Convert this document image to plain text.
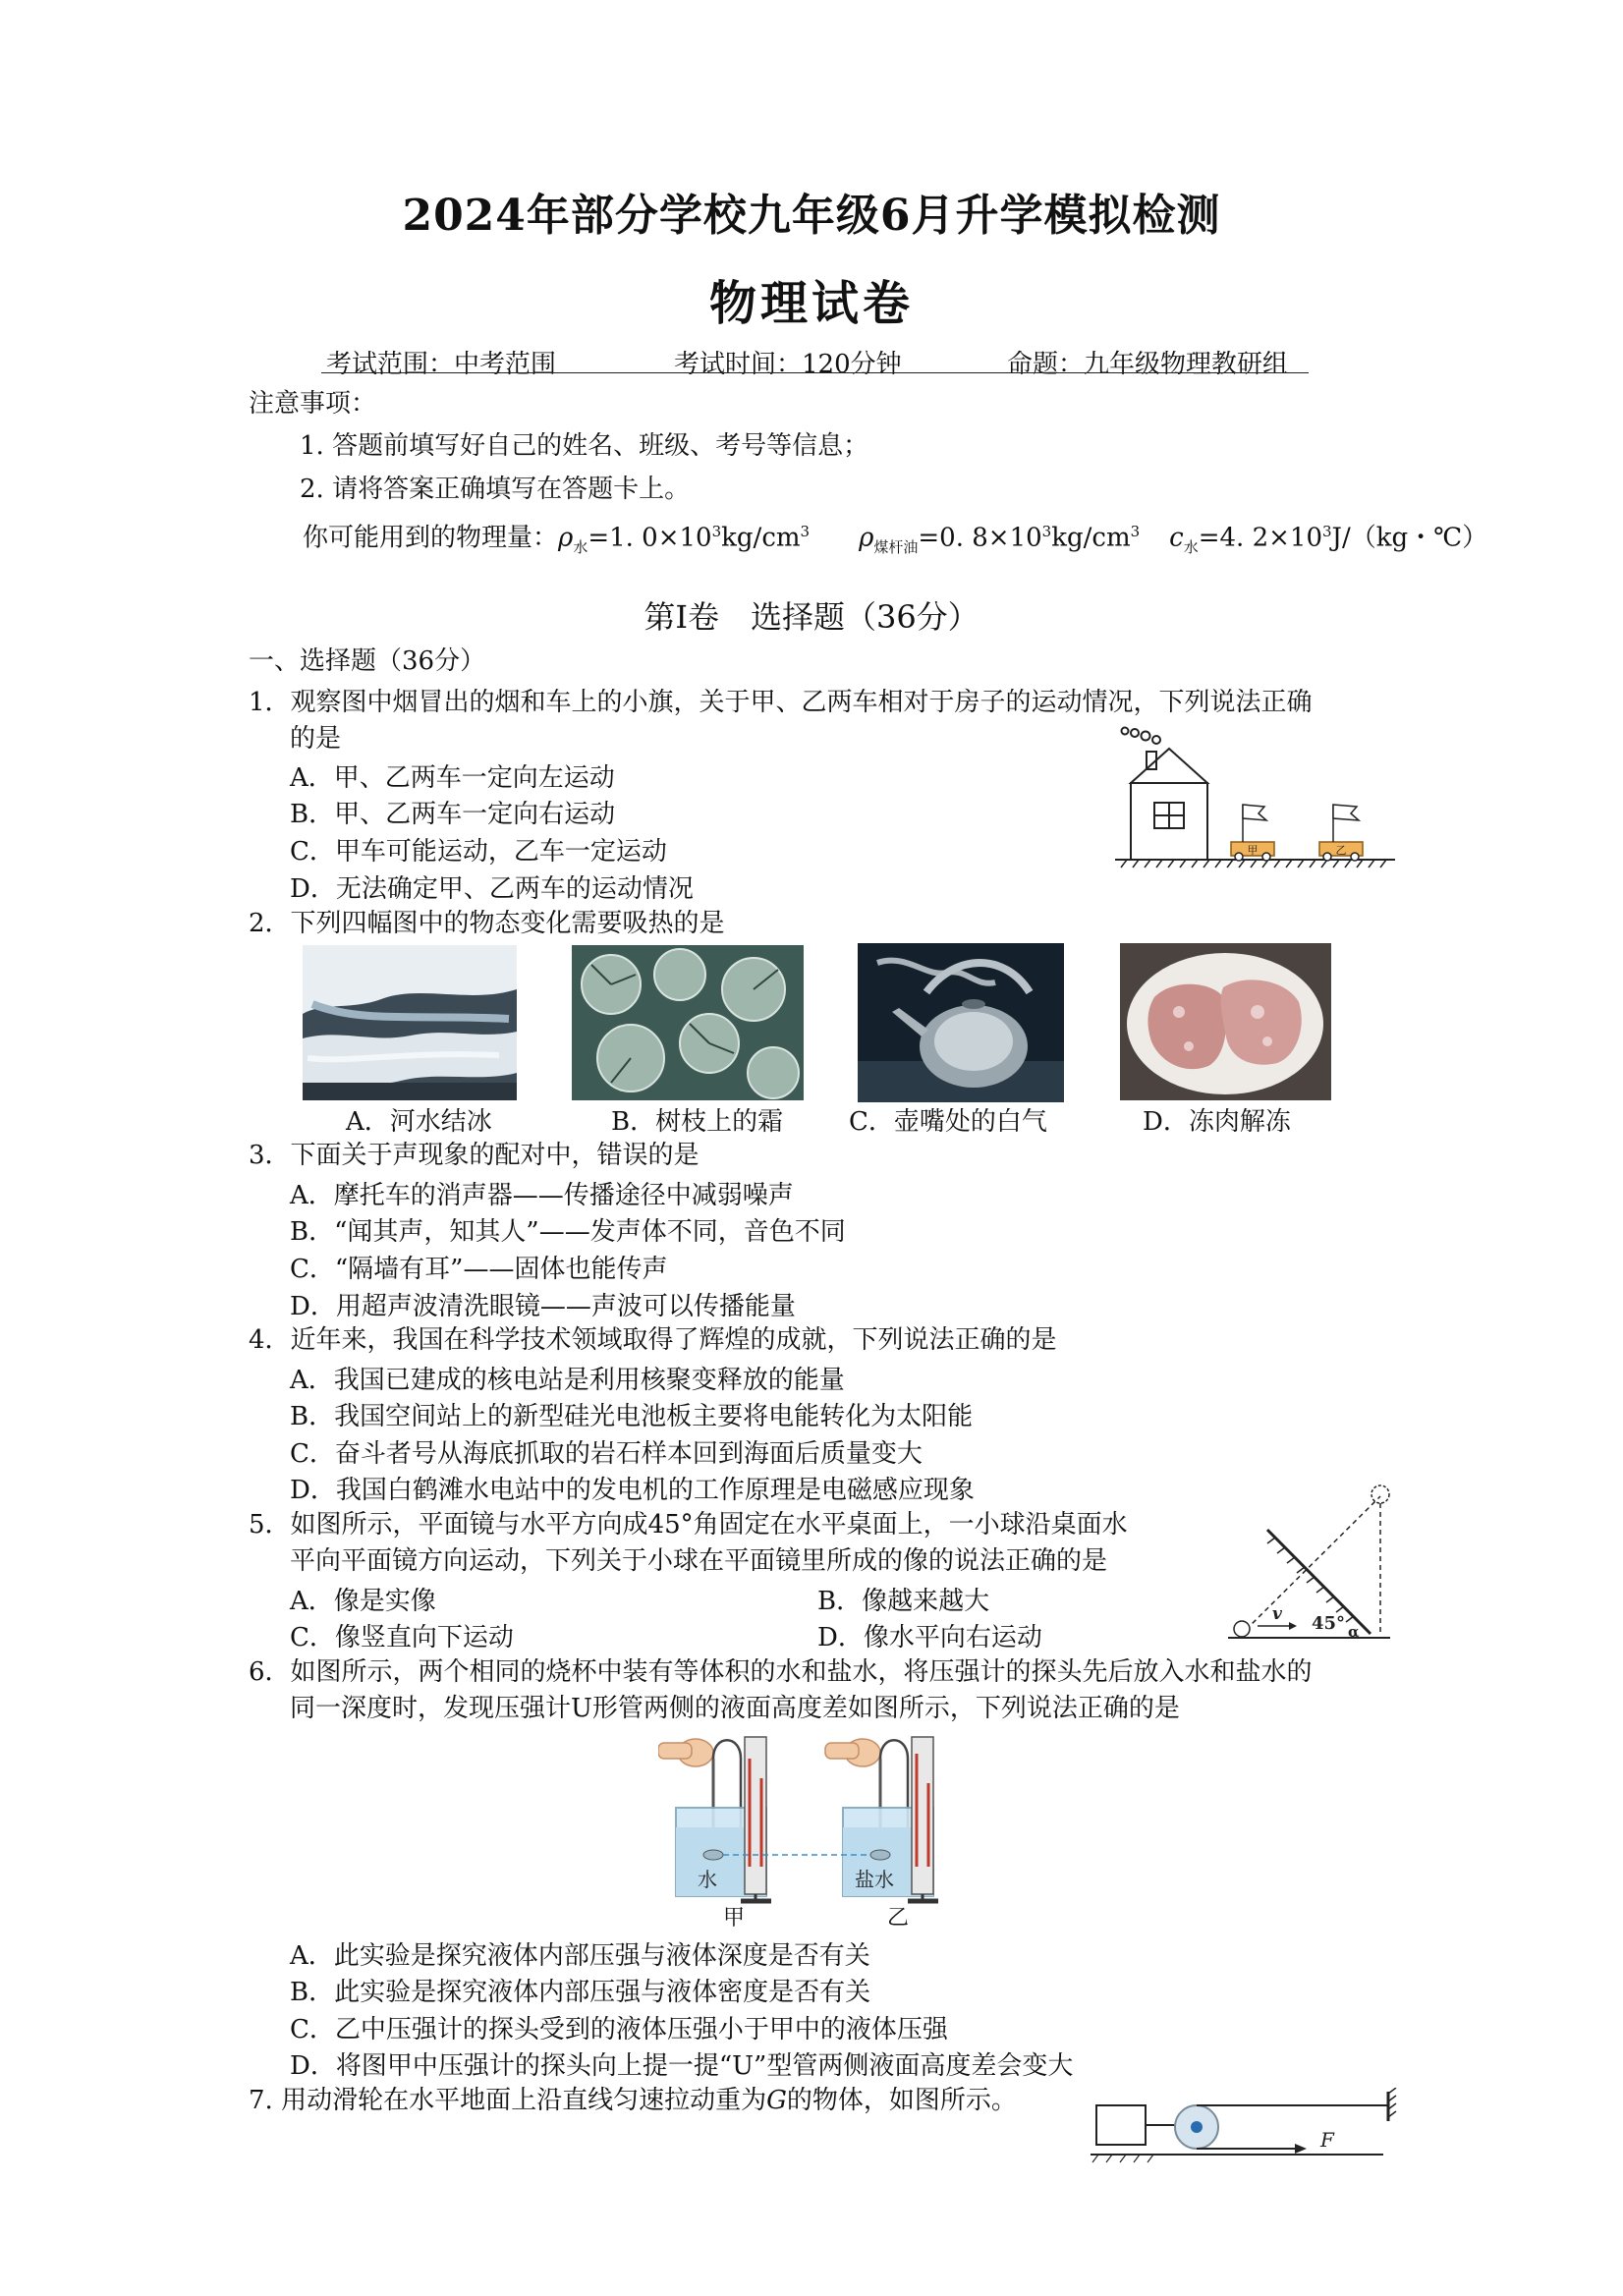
2024年部分学校九年级6月升学模拟检测
物理试卷
考试范围：中考范围	考试时间：120分钟	命题：九年级物理教研组
注意事项：
1. 答题前填写好自己的姓名、班级、考号等信息；
2. 请将答案正确填写在答题卡上。
你可能用到的物理量：$\rho_水=1$. $0\times 10^3kg/cm^3$ $\rho_{煤杆油}=0$. $8\times 10^3kg/cm^3$ $c_水=4$. $2\times 10^3J/(kg$・℃）
第Ⅰ卷　选择题（36分）
一、选择题（36分）
1．观察图中烟冒出的烟和车上的小旗，关于甲、乙两车相对于房子的运动情况，下列说法正确
的是
A．甲、乙两车一定向左运动
B．甲、乙两车一定向右运动
C．甲车可能运动，乙车一定运动
D．无法确定甲、乙两车的运动情况
甲	乙
2．下列四幅图中的物态变化需要吸热的是
A．河水结冰	B．树枝上的霜	C．壶嘴处的白气	D．冻肉解冻
3．下面关于声现象的配对中，错误的是
A．摩托车的消声器——传播途径中减弱噪声
B．“闻其声，知其人”——发声体不同，音色不同
C．“隔墙有耳”——固体也能传声
D．用超声波清洗眼镜——声波可以传播能量
4．近年来，我国在科学技术领域取得了辉煌的成就，下列说法正确的是
A．我国已建成的核电站是利用核聚变释放的能量
B．我国空间站上的新型硅光电池板主要将电能转化为太阳能
C．奋斗者号从海底抓取的岩石样本回到海面后质量变大
D．我国白鹤滩水电站中的发电机的工作原理是电磁感应现象
5．如图所示，平面镜与水平方向成45°角固定在水平桌面上，一小球沿桌面水
平向平面镜方向运动，下列关于小球在平面镜里所成的像的说法正确的是
A．像是实像	B．像越来越大
C．像竖直向下运动	D．像水平向右运动
v 45° α
6．如图所示，两个相同的烧杯中装有等体积的水和盐水，将压强计的探头先后放入水和盐水的
同一深度时，发现压强计U形管两侧的液面高度差如图所示，下列说法正确的是
水	盐水
甲	乙
A．此实验是探究液体内部压强与液体深度是否有关
B．此实验是探究液体内部压强与液体密度是否有关
C．乙中压强计的探头受到的液体压强小于甲中的液体压强
D．将图甲中压强计的探头向上提一提“U”型管两侧液面高度差会变大
7. 用动滑轮在水平地面上沿直线匀速拉动重为G的物体，如图所示。
F
